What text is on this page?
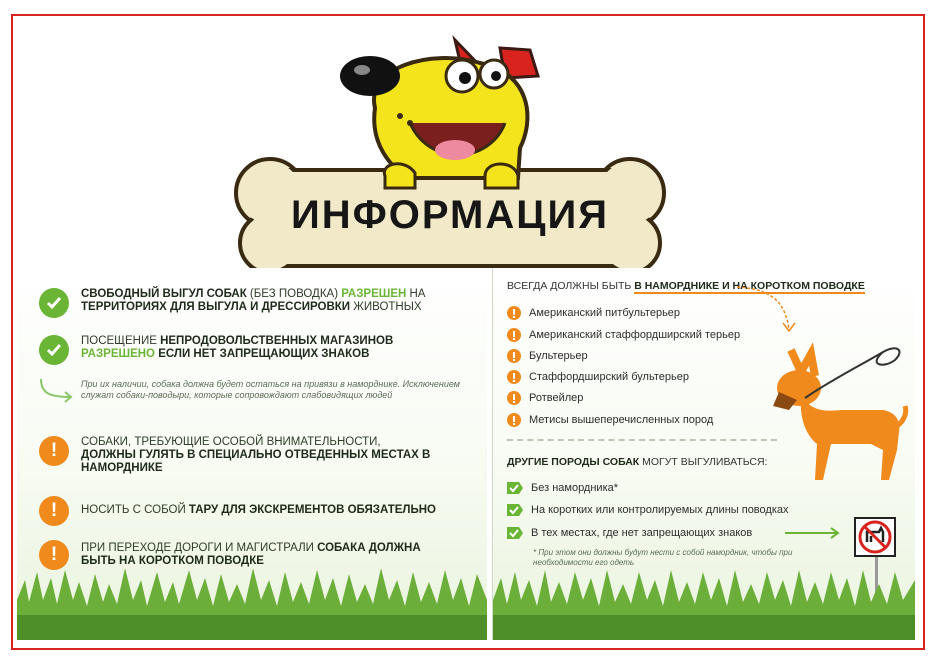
ИНФОРМАЦИЯ
СВОБОДНЫЙ ВЫГУЛ СОБАК (БЕЗ ПОВОДКА) РАЗРЕШЕН НА ТЕРРИТОРИЯХ ДЛЯ ВЫГУЛА И ДРЕССИРОВКИ ЖИВОТНЫХ
ПОСЕЩЕНИЕ НЕПРОДОВОЛЬСТВЕННЫХ МАГАЗИНОВ
РАЗРЕШЕНО ЕСЛИ НЕТ ЗАПРЕЩАЮЩИХ ЗНАКОВ
При их наличии, собака должна будет остаться на привязи в наморднике. Исключением служат собаки-поводыри, которые сопровождают слабовидящих людей
! СОБАКИ, ТРЕБУЮЩИЕ ОСОБОЙ ВНИМАТЕЛЬНОСТИ, ДОЛЖНЫ ГУЛЯТЬ В СПЕЦИАЛЬНО ОТВЕДЕННЫХ МЕСТАХ В НАМОРДНИКЕ
! НОСИТЬ С СОБОЙ ТАРУ ДЛЯ ЭКСКРЕМЕНТОВ ОБЯЗАТЕЛЬНО
! ПРИ ПЕРЕХОДЕ ДОРОГИ И МАГИСТРАЛИ СОБАКА ДОЛЖНА БЫТЬ НА КОРОТКОМ ПОВОДКЕ
ВСЕГДА ДОЛЖНЫ БЫТЬ В НАМОРДНИКЕ И НА КОРОТКОМ ПОВОДКЕ
Американский питбультерьер
Американский стаффордширский терьер
Бультерьер
Стаффордширский бультерьер
Ротвейлер
Метисы вышеперечисленных пород
ДРУГИЕ ПОРОДЫ СОБАК МОГУТ ВЫГУЛИВАТЬСЯ:
Без намордника*
На коротких или контролируемых длины поводках
В тех местах, где нет запрещающих знаков
* При этом они должны будут нести с собой намордник, чтобы при необходимости его одеть
